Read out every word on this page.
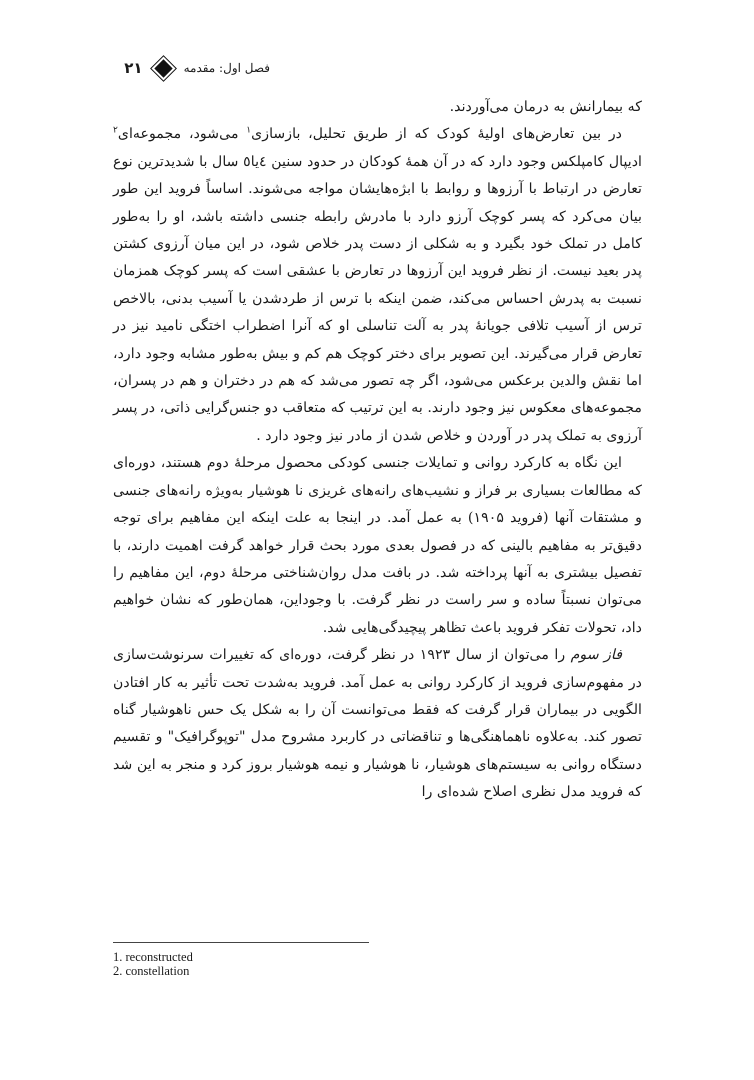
فصل اول: مقدمه
۲۱

که بیمارانش به درمان می‌آوردند.

در بین تعارض‌های اولیهٔ کودک که از طریق تحلیل، بازسازی$^۱$ می‌شود، مجموعه‌ای$^۲$ ادیپال کامپلکس وجود دارد که در آن همهٔ کودکان در حدود سنین ٤یا٥ سال با شدیدترین نوع تعارض در ارتباط با آرزوها و روابط با ابژه‌هایشان مواجه می‌شوند. اساساً فروید این طور بیان می‌کرد که پسر کوچک آرزو دارد با مادرش رابطه جنسی داشته باشد، او را به‌طور کامل در تملک خود بگیرد و به شکلی از دست پدر خلاص شود، در این میان آرزوی کشتن پدر بعید نیست. از نظر فروید این آرزوها در تعارض با عشقی است که پسر کوچک همزمان نسبت به پدرش احساس می‌کند، ضمن اینکه با ترس از طردشدن یا آسیب بدنی، بالاخص ترس از آسیب تلافی جویانهٔ پدر به آلت تناسلی او که آنرا اضطراب اختگی نامید نیز در تعارض قرار می‌گیرند. این تصویر برای دختر کوچک هم کم و بیش به‌طور مشابه وجود دارد، اما نقش والدین برعکس می‌شود، اگر چه تصور می‌شد که هم در دختران و هم در پسران، مجموعه‌های معکوس نیز وجود دارند. به این ترتیب که متعاقب دو جنس‌گرایی ذاتی، در پسر آرزوی به تملک پدر در آوردن و خلاص شدن از مادر نیز وجود دارد .

این نگاه به کارکرد روانی و تمایلات جنسی کودکی محصول مرحلهٔ دوم هستند، دوره‌ای که مطالعات بسیاری بر فراز و نشیب‌های رانه‌های غریزی نا هوشیار به‌ویژه رانه‌های جنسی و مشتقات آنها (فروید ۱۹۰۵) به عمل آمد. در اینجا به علت اینکه این مفاهیم برای توجه دقیق‌تر به مفاهیم بالینی که در فصول بعدی مورد بحث قرار خواهد گرفت اهمیت دارند، با تفصیل بیشتری به آنها پرداخته شد. در بافت مدل روان‌شناختی مرحلهٔ دوم، این مفاهیم را می‌توان نسبتاً ساده و سر راست در نظر گرفت. با وجوداین، همان‌طور که نشان خواهیم داد، تحولات تفکر فروید باعث تظاهر پیچیدگی‌هایی شد.

فاز سوم را می‌توان از سال ۱۹۲۳ در نظر گرفت، دوره‌ای که تغییرات سرنوشت‌سازی در مفهوم‌سازی فروید از کارکرد روانی به عمل آمد. فروید به‌شدت تحت تأثیر به کار افتادن الگویی در بیماران قرار گرفت که فقط می‌توانست آن را به شکل یک حس ناهوشیار گناه تصور کند. به‌علاوه ناهماهنگی‌ها و تناقضاتی در کاربرد مشروح مدل "توپوگرافیک" و تقسیم دستگاه روانی به سیستم‌های هوشیار، نا هوشیار و نیمه هوشیار بروز کرد و منجر به این شد که فروید مدل نظری اصلاح شده‌ای را

1. reconstructed
2. constellation
